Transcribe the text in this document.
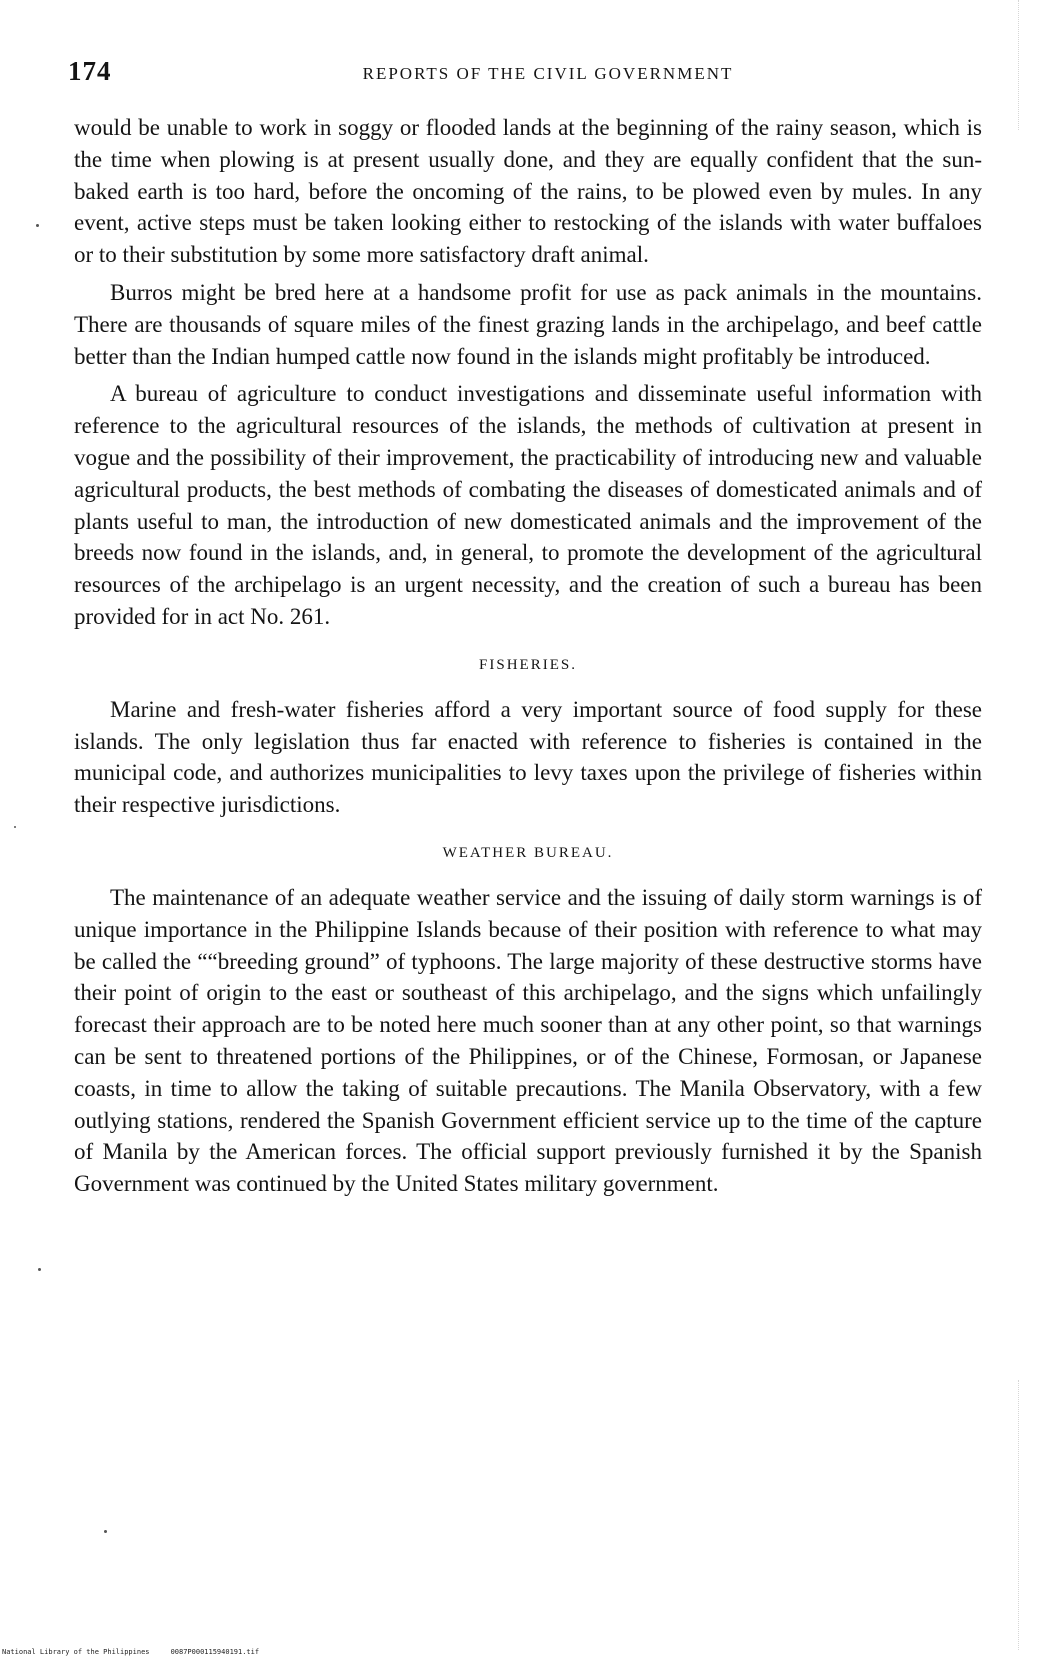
174	REPORTS OF THE CIVIL GOVERNMENT

would be unable to work in soggy or flooded lands at the beginning of the rainy season, which is the time when plowing is at present usually done, and they are equally confident that the sun-baked earth is too hard, before the oncoming of the rains, to be plowed even by mules. In any event, active steps must be taken looking either to restocking of the islands with water buffaloes or to their substitution by some more satisfactory draft animal.

Burros might be bred here at a handsome profit for use as pack animals in the mountains. There are thousands of square miles of the finest grazing lands in the archipelago, and beef cattle better than the Indian humped cattle now found in the islands might profitably be introduced.

A bureau of agriculture to conduct investigations and disseminate useful information with reference to the agricultural resources of the islands, the methods of cultivation at present in vogue and the possibility of their improvement, the practicability of introducing new and valuable agricultural products, the best methods of combating the diseases of domesticated animals and of plants useful to man, the introduction of new domesticated animals and the improvement of the breeds now found in the islands, and, in general, to promote the development of the agricultural resources of the archipelago is an urgent necessity, and the creation of such a bureau has been provided for in act No. 261.

FISHERIES.

Marine and fresh-water fisheries afford a very important source of food supply for these islands. The only legislation thus far enacted with reference to fisheries is contained in the municipal code, and authorizes municipalities to levy taxes upon the privilege of fisheries within their respective jurisdictions.

WEATHER BUREAU.

The maintenance of an adequate weather service and the issuing of daily storm warnings is of unique importance in the Philippine Islands because of their position with reference to what may be called the ““breeding ground” of typhoons. The large majority of these destructive storms have their point of origin to the east or southeast of this archipelago, and the signs which unfailingly forecast their approach are to be noted here much sooner than at any other point, so that warnings can be sent to threatened portions of the Philippines, or of the Chinese, Formosan, or Japanese coasts, in time to allow the taking of suitable precautions. The Manila Observatory, with a few outlying stations, rendered the Spanish Government efficient service up to the time of the capture of Manila by the American forces. The official support previously furnished it by the Spanish Government was continued by the United States military government.

National Library of the Philippines     0087P000115940191.tif
